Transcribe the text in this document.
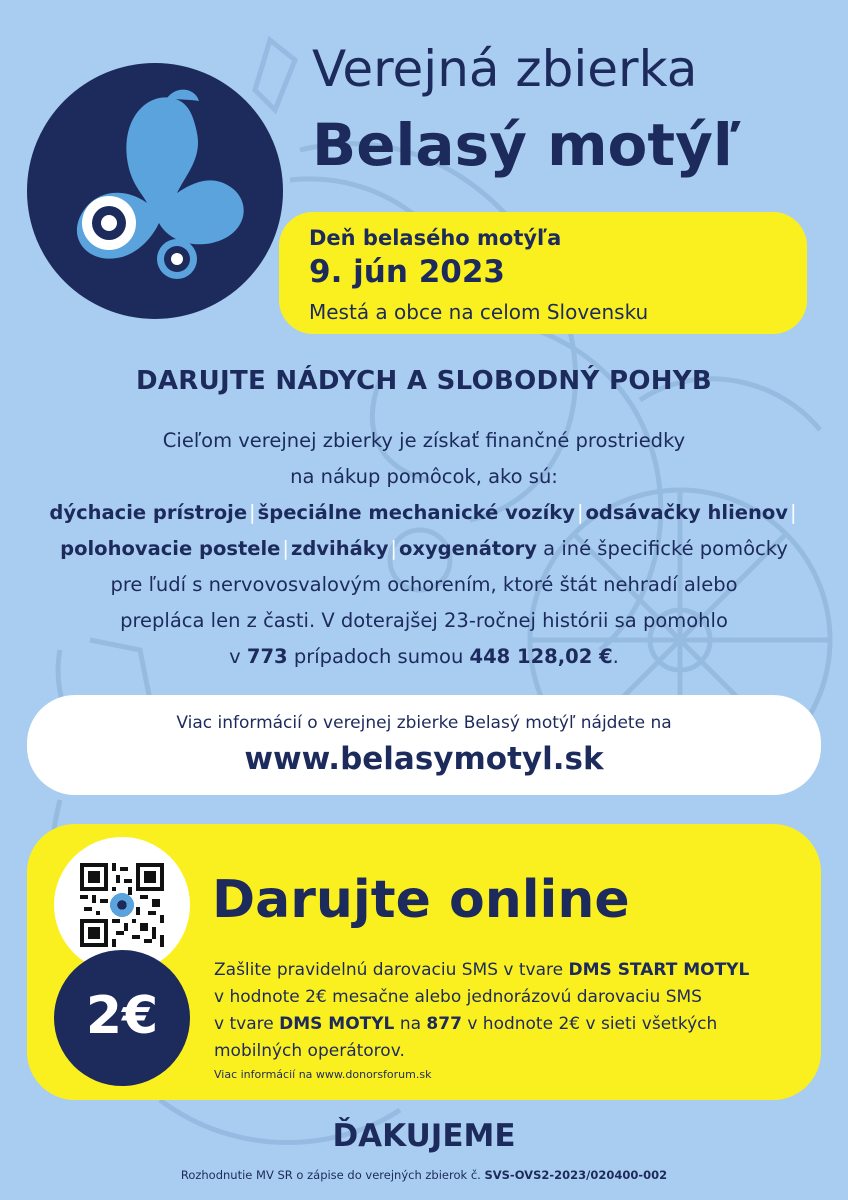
Verejná zbierka
Belasý motýľ
Deň belasého motýľa
9. jún 2023
Mestá a obce na celom Slovensku
DARUJTE NÁDYCH A SLOBODNÝ POHYB
Cieľom verejnej zbierky je získať finančné prostriedky
na nákup pomôcok, ako sú:
dýchacie prístroje | špeciálne mechanické vozíky | odsávačky hlienov |
polohovacie postele | zdviháky | oxygenátory a iné špecifické pomôcky
pre ľudí s nervovosvalovým ochorením, ktoré štát nehradí alebo
prepláca len z časti. V doterajšej 23-ročnej histórii sa pomohlo
v 773 prípadoch sumou 448 128,02 €.
Viac informácií o verejnej zbierke Belasý motýľ nájdete na
www.belasymotyl.sk
2€
Darujte online
Zašlite pravidelnú darovaciu SMS v tvare DMS START MOTYL
v hodnote 2€ mesačne alebo jednorázovú darovaciu SMS
v tvare DMS MOTYL na 877 v hodnote 2€ v sieti všetkých
mobilných operátorov.
Viac informácií na www.donorsforum.sk
ĎAKUJEME
Rozhodnutie MV SR o zápise do verejných zbierok č. SVS-OVS2-2023/020400-002
